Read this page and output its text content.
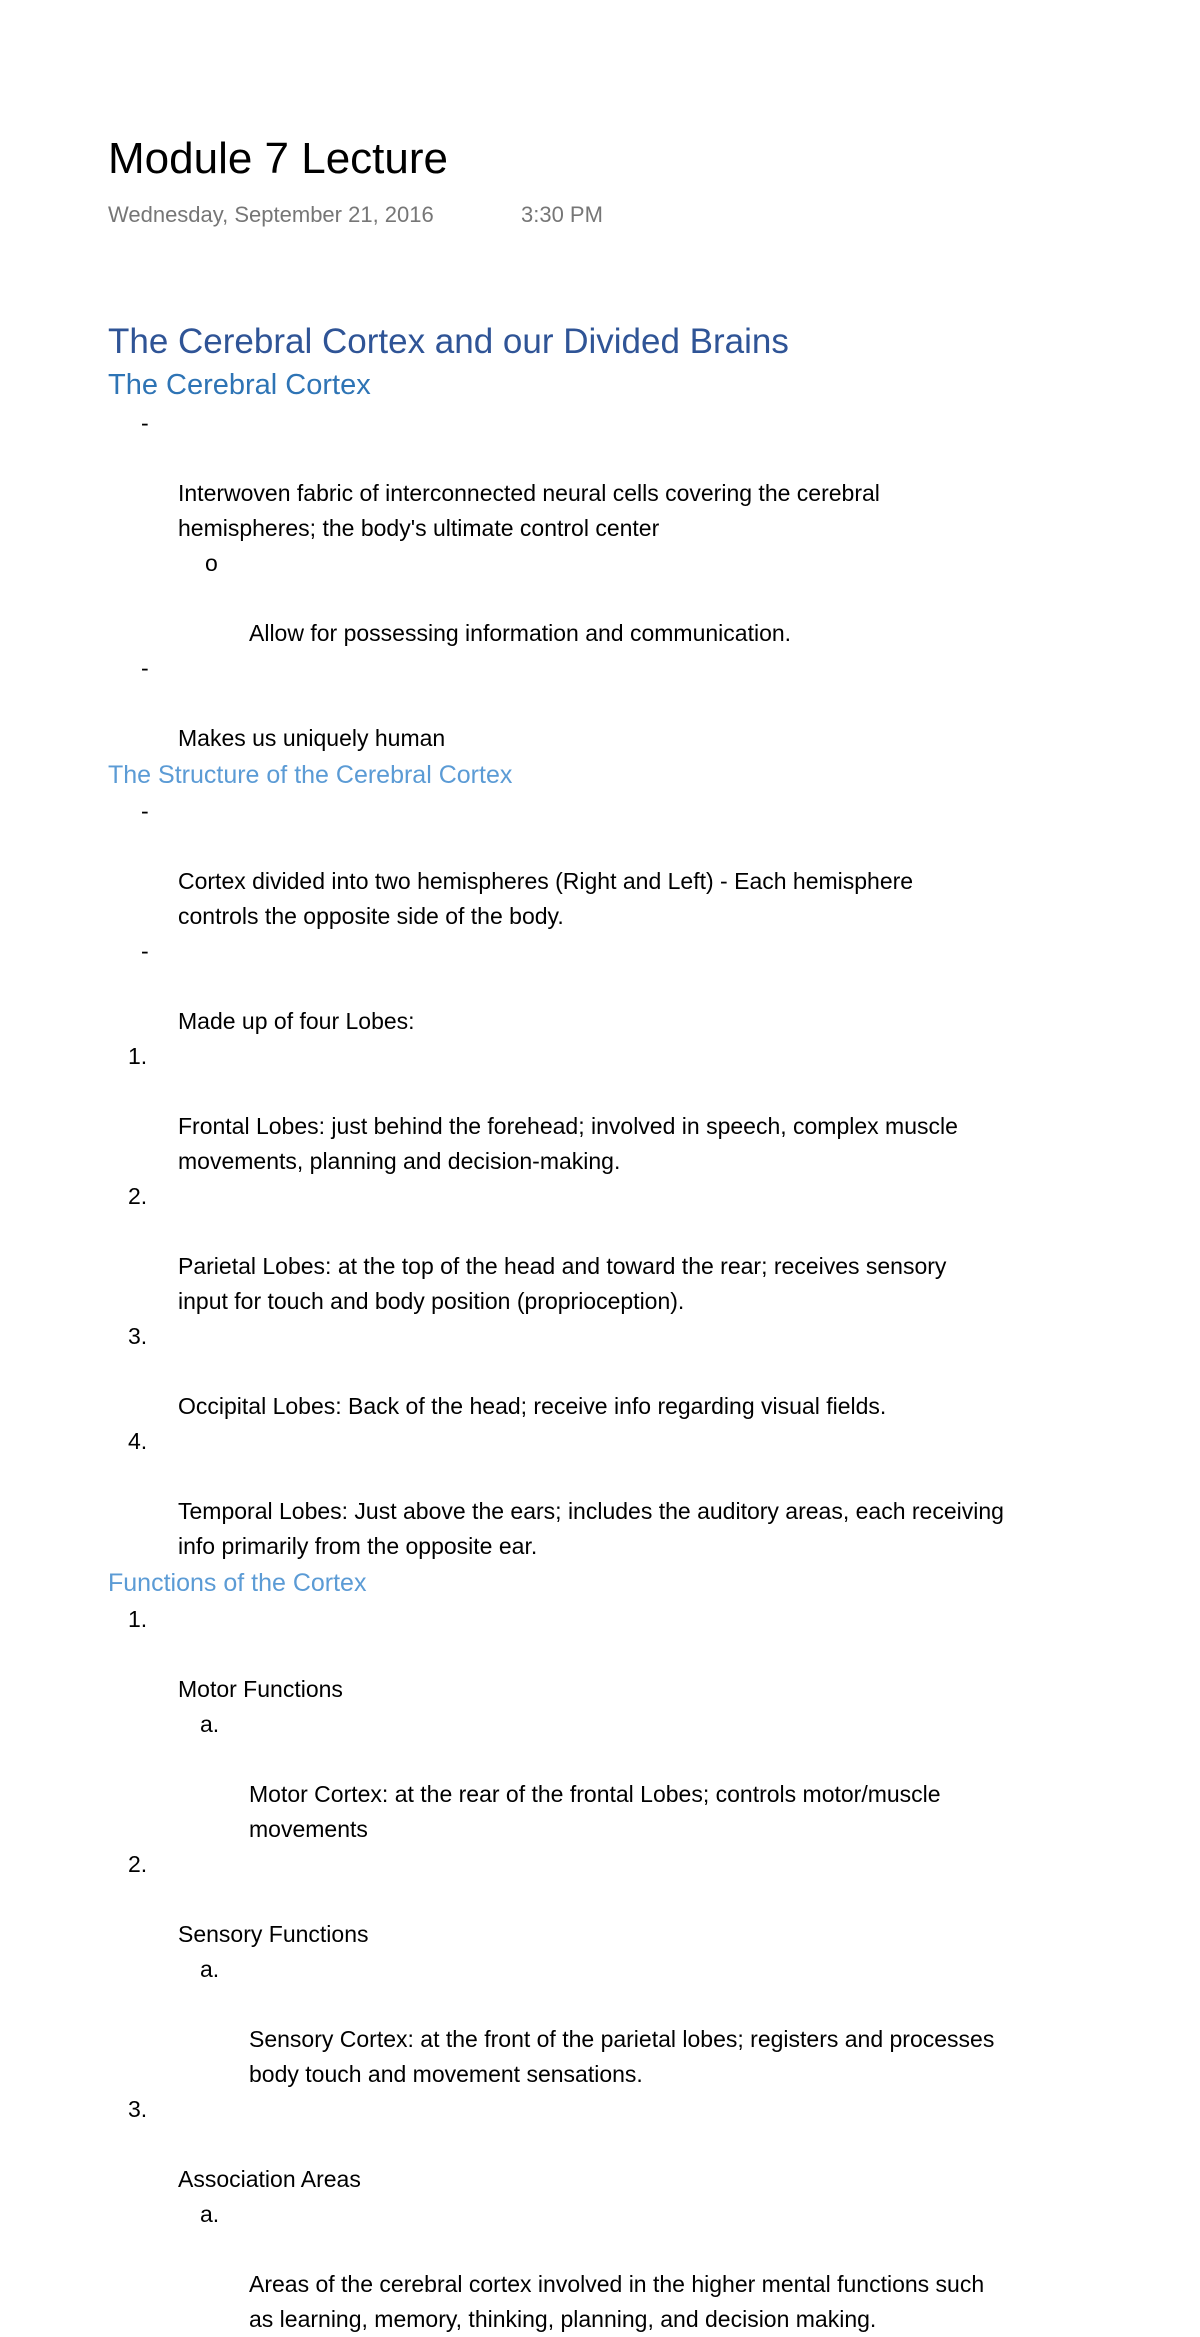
Module 7 Lecture
Wednesday, September 21, 2016	3:30 PM
The Cerebral Cortex and our Divided Brains
The Cerebral Cortex

-

Interwoven fabric of interconnected neural cells covering the cerebral
hemispheres; the body's ultimate control center

o

Allow for possessing information and communication.

-

Makes us uniquely human

The Structure of the Cerebral Cortex

-

Cortex divided into two hemispheres (Right and Left) - Each hemisphere
controls the opposite side of the body.

-

Made up of four Lobes:

1.

Frontal Lobes: just behind the forehead; involved in speech, complex muscle
movements, planning and decision-making.

2.

Parietal Lobes: at the top of the head and toward the rear; receives sensory
input for touch and body position (proprioception).

3.

Occipital Lobes: Back of the head; receive info regarding visual fields.

4.

Temporal Lobes: Just above the ears; includes the auditory areas, each receiving
info primarily from the opposite ear.

Functions of the Cortex

1.

Motor Functions

a.

Motor Cortex: at the rear of the frontal Lobes; controls motor/muscle
movements

2.

Sensory Functions

a.

Sensory Cortex: at the front of the parietal lobes; registers and processes
body touch and movement sensations.

3.

Association Areas

a.

Areas of the cerebral cortex involved in the higher mental functions such
as learning, memory, thinking, planning, and decision making.
